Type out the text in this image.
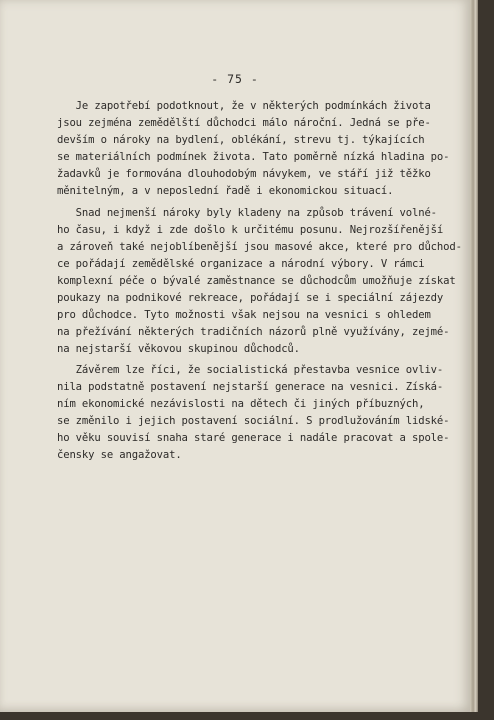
- 75 -
Je zapotřebí podotknout, že v některých podmínkách života
jsou zejména zemědělští důchodci málo nároční. Jedná se pře-
devším o nároky na bydlení, oblékání, strevu tj. týkajících
se materiálních podmínek života. Tato poměrně nízká hladina po-
žadavků je formována dlouhodobým návykem, ve stáří již těžko
měnitelným, a v neposlední řadě i ekonomickou situací.
Snad nejmenší nároky byly kladeny na způsob trávení volné-
ho času, i když i zde došlo k určitému posunu. Nejrozšířenější
a zároveň také nejoblíbenější jsou masové akce, které pro důchod-
ce pořádají zemědělské organizace a národní výbory. V rámci
komplexní péče o bývalé zaměstnance se důchodcům umožňuje získat
poukazy na podnikové rekreace, pořádají se i speciální zájezdy
pro důchodce. Tyto možnosti však nejsou na vesnici s ohledem
na přežívání některých tradičních názorů plně využívány, zejmé-
na nejstarší věkovou skupinou důchodců.
Závěrem lze říci, že socialistická přestavba vesnice ovliv-
nila podstatně postavení nejstarší generace na vesnici. Získá-
ním ekonomické nezávislosti na dětech či jiných příbuzných,
se změnilo i jejich postavení sociální. S prodlužováním lidské-
ho věku souvisí snaha staré generace i nadále pracovat a spole-
čensky se angažovat.
